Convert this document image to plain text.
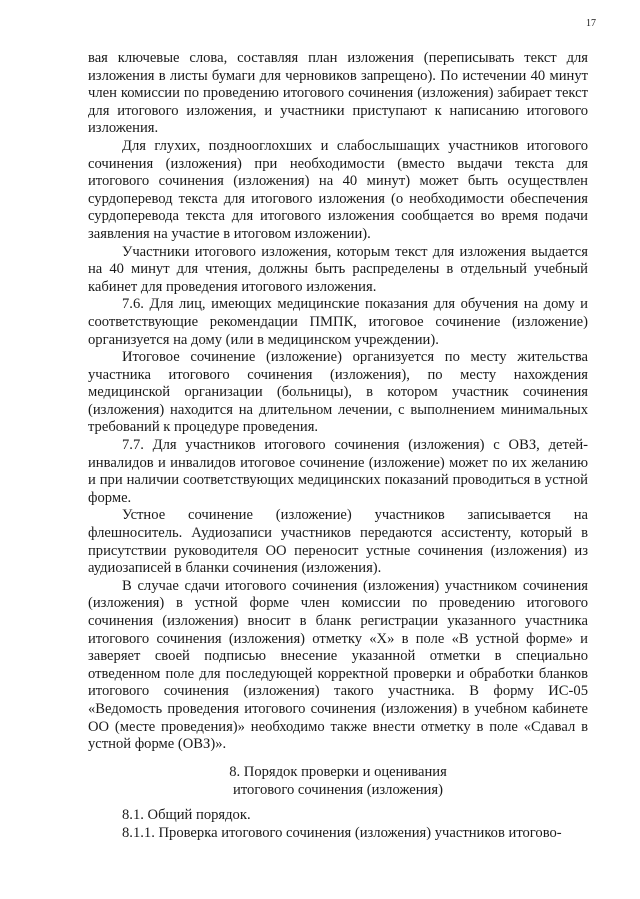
17

вая ключевые слова, составляя план изложения (переписывать текст для изложения в листы бумаги для черновиков запрещено). По истечении 40 минут член комиссии по проведению итогового сочинения (изложения) забирает текст для итогового изложения, и участники приступают к написанию итогового изложения.

Для глухих, позднооглохших и слабослышащих участников итогового сочинения (изложения) при необходимости (вместо выдачи текста для итогового сочинения (изложения) на 40 минут) может быть осуществлен сурдоперевод текста для итогового изложения (о необходимости обеспечения сурдоперевода текста для итогового изложения сообщается во время подачи заявления на участие в итоговом изложении).

Участники итогового изложения, которым текст для изложения выдается на 40 минут для чтения, должны быть распределены в отдельный учебный кабинет для проведения итогового изложения.

7.6. Для лиц, имеющих медицинские показания для обучения на дому и соответствующие рекомендации ПМПК, итоговое сочинение (изложение) организуется на дому (или в медицинском учреждении).

Итоговое сочинение (изложение) организуется по месту жительства участника итогового сочинения (изложения), по месту нахождения медицинской организации (больницы), в котором участник сочинения (изложения) находится на длительном лечении, с выполнением минимальных требований к процедуре проведения.

7.7. Для участников итогового сочинения (изложения) с ОВЗ, детей-инвалидов и инвалидов итоговое сочинение (изложение) может по их желанию и при наличии соответствующих медицинских показаний проводиться в устной форме.

Устное сочинение (изложение) участников записывается на флешноситель. Аудиозаписи участников передаются ассистенту, который в присутствии руководителя ОО переносит устные сочинения (изложения) из аудиозаписей в бланки сочинения (изложения).

В случае сдачи итогового сочинения (изложения) участником сочинения (изложения) в устной форме член комиссии по проведению итогового сочинения (изложения) вносит в бланк регистрации указанного участника итогового сочинения (изложения) отметку «Х» в поле «В устной форме» и заверяет своей подписью внесение указанной отметки в специально отведенном поле для последующей корректной проверки и обработки бланков итогового сочинения (изложения) такого участника. В форму ИС-05 «Ведомость проведения итогового сочинения (изложения) в учебном кабинете ОО (месте проведения)» необходимо также внести отметку в поле «Сдавал в устной форме (ОВЗ)».

8. Порядок проверки и оценивания
итогового сочинения (изложения)

8.1. Общий порядок.

8.1.1. Проверка итогового сочинения (изложения) участников итогово-
